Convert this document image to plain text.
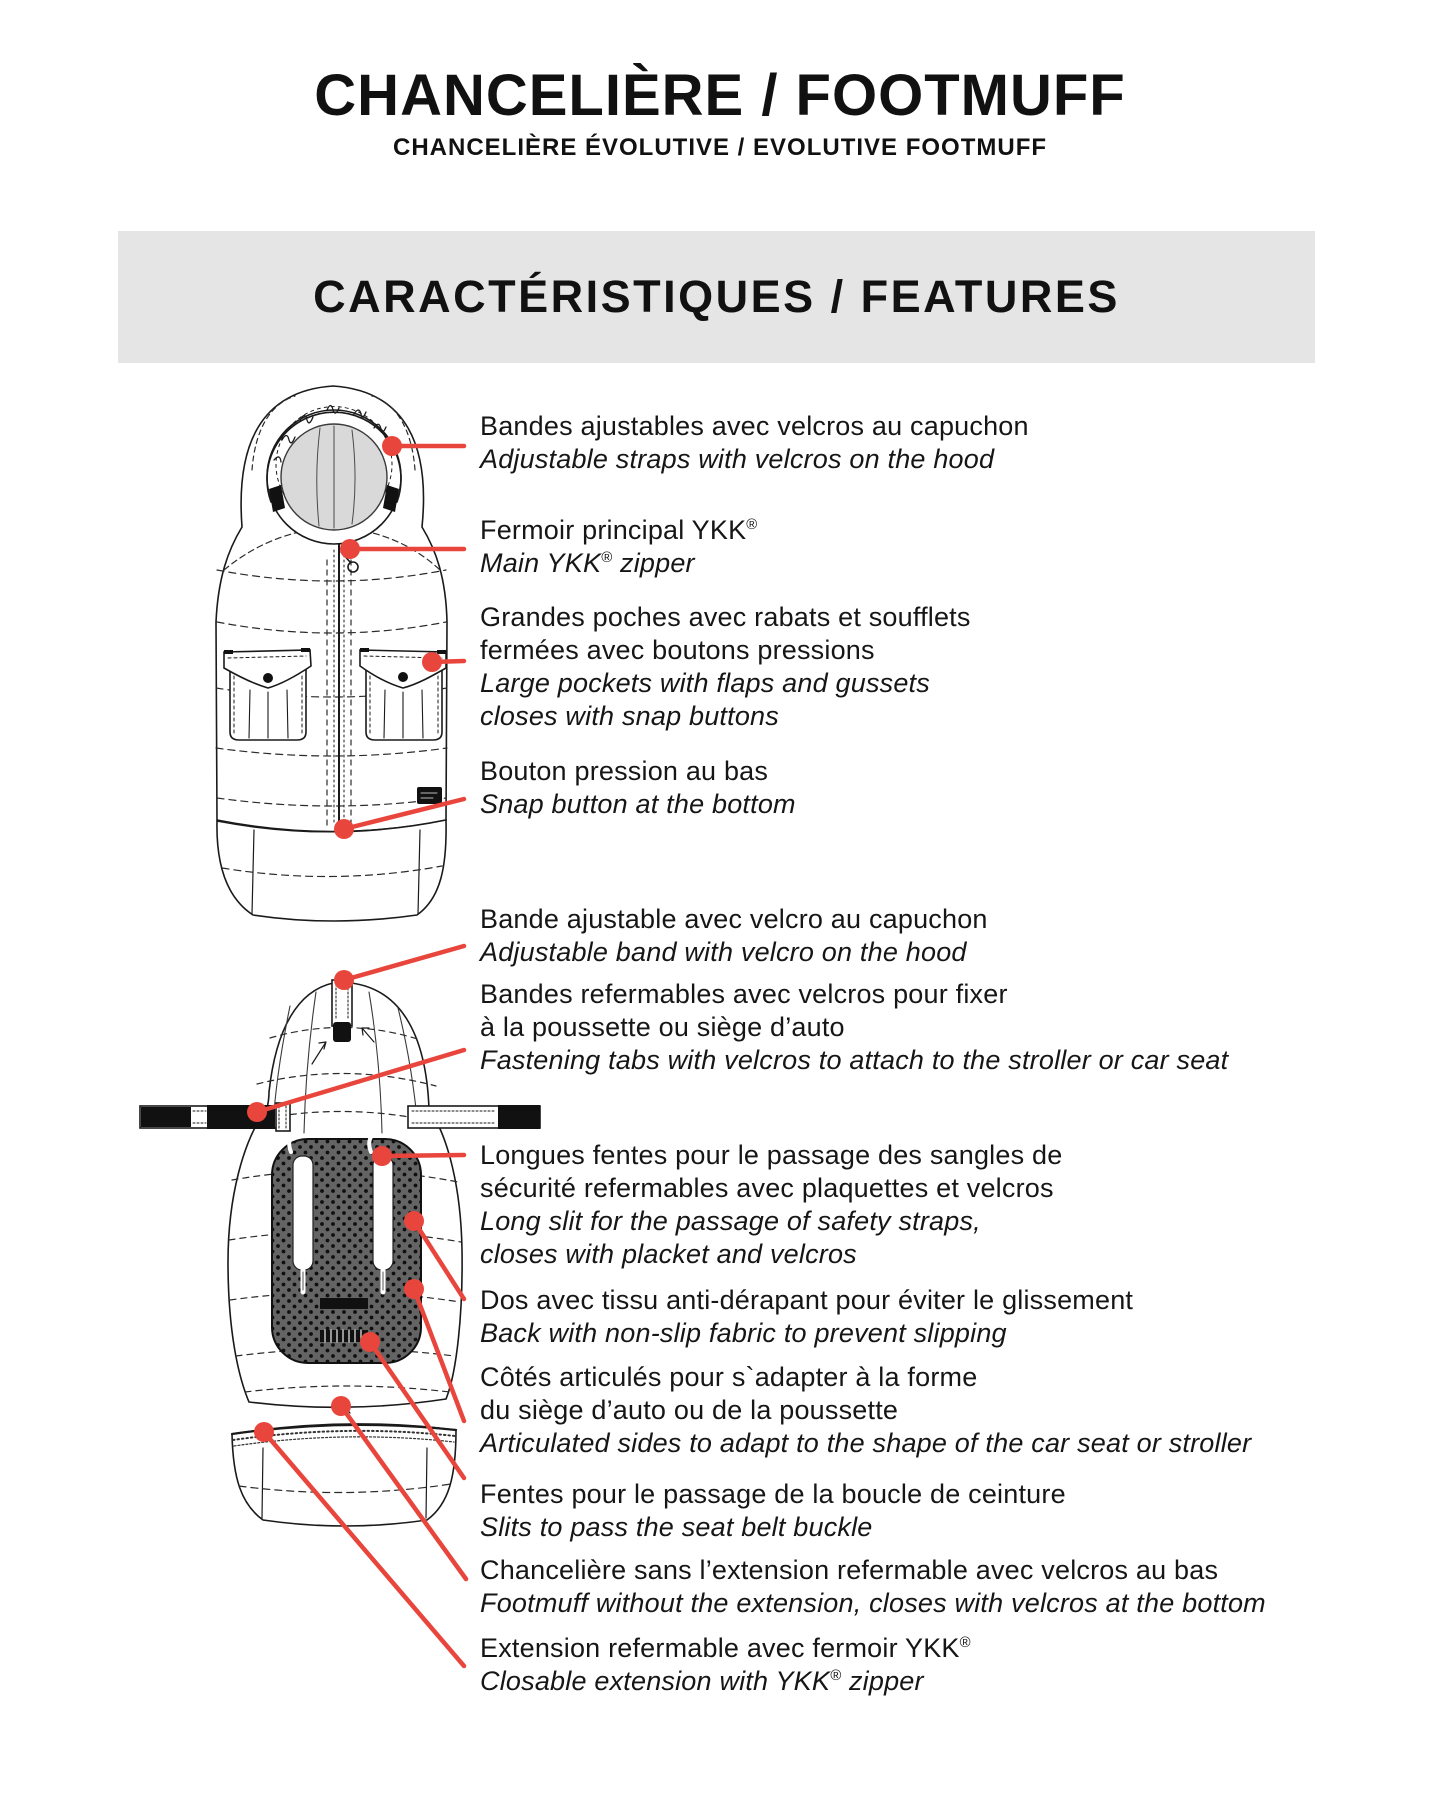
CHANCELIÈRE / FOOTMUFF
CHANCELIÈRE ÉVOLUTIVE / EVOLUTIVE FOOTMUFF
CARACTÉRISTIQUES / FEATURES
Bandes ajustables avec velcros au capuchon
Adjustable straps with velcros on the hood
Fermoir principal YKK®
Main YKK® zipper
Grandes poches avec rabats et soufflets
fermées avec boutons pressions
Large pockets with flaps and gussets
closes with snap buttons
Bouton pression au bas
Snap button at the bottom
Bande ajustable avec velcro au capuchon
Adjustable band with velcro on the hood
Bandes refermables avec velcros pour fixer
à la poussette ou siège d’auto
Fastening tabs with velcros to attach to the stroller or car seat
Longues fentes pour le passage des sangles de
sécurité refermables avec plaquettes et velcros
Long slit for the passage of safety straps,
closes with placket and velcros
Dos avec tissu anti-dérapant pour éviter le glissement
Back with non-slip fabric to prevent slipping
Côtés articulés pour s`adapter à la forme
du siège d’auto ou de la poussette
Articulated sides to adapt to the shape of the car seat or stroller
Fentes pour le passage de la boucle de ceinture
Slits to pass the seat belt buckle
Chancelière sans l’extension refermable avec velcros au bas
Footmuff without the extension, closes with velcros at the bottom
Extension refermable avec fermoir YKK®
Closable extension with YKK® zipper
